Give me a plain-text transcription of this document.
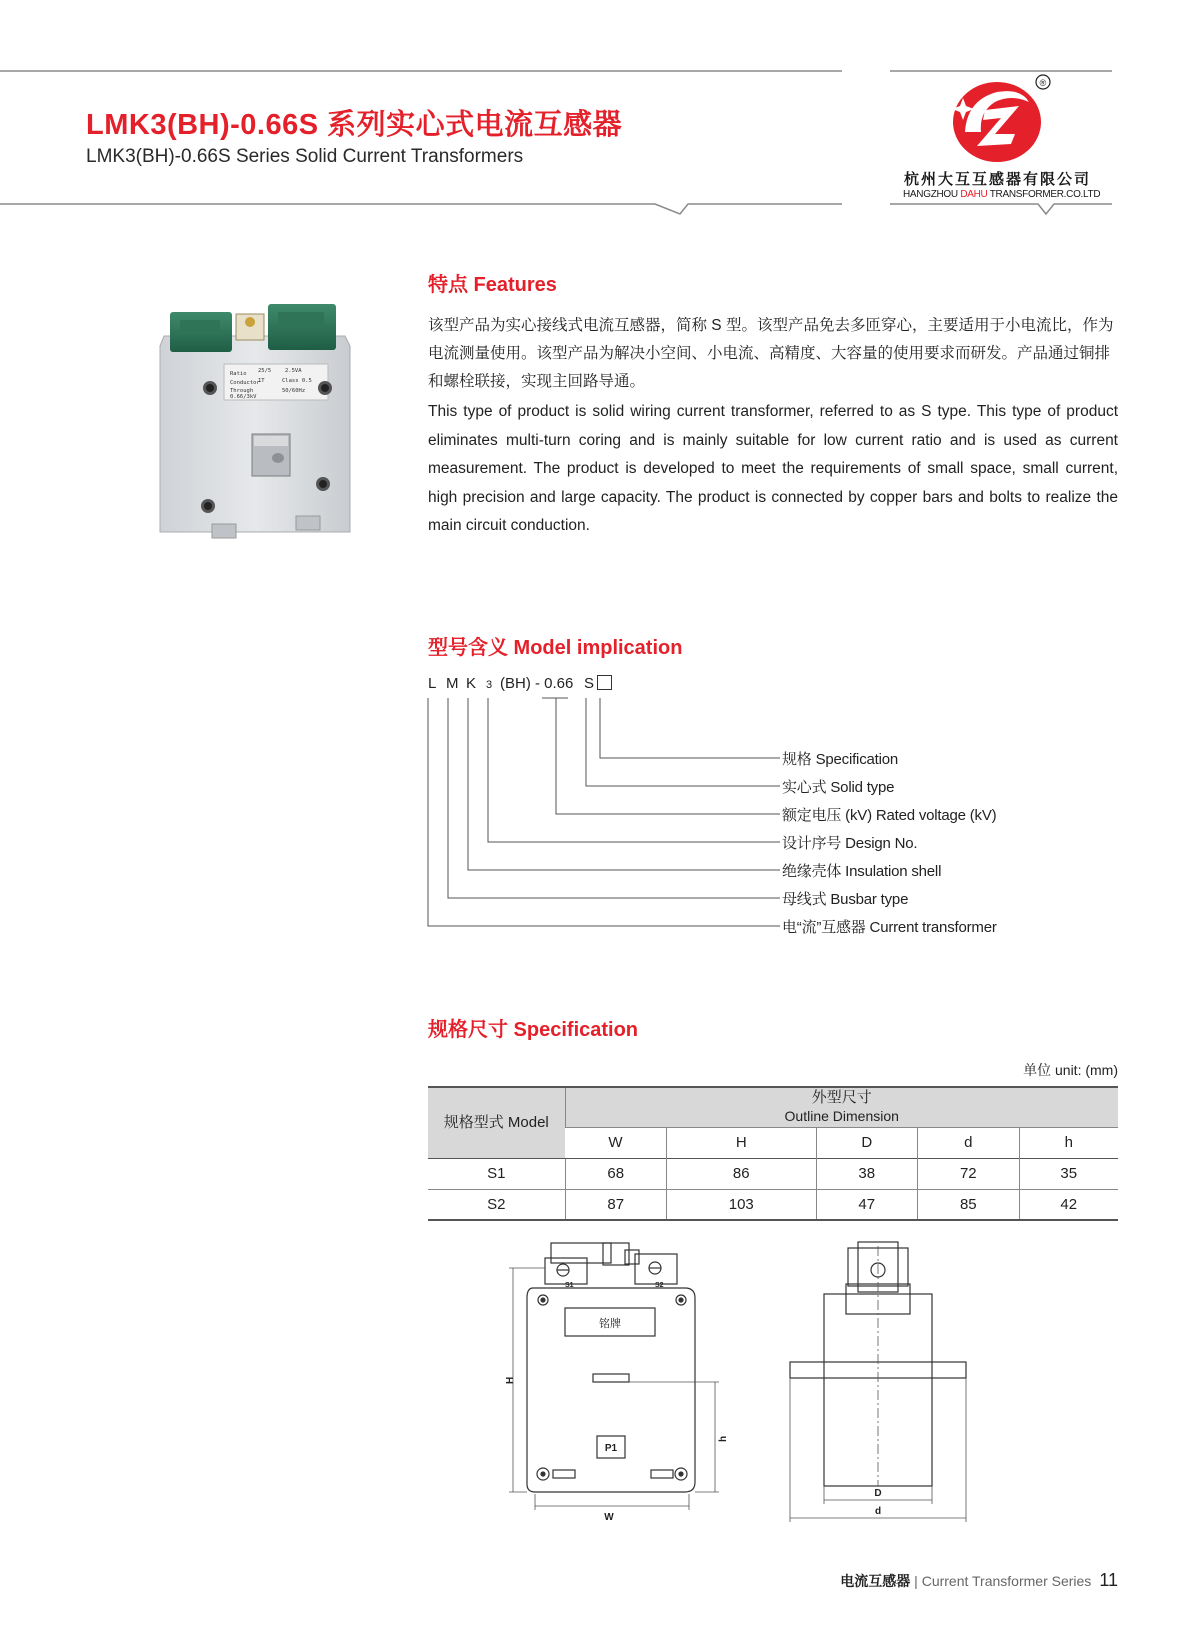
LMK3(BH)-0.66S 系列实心式电流互感器
LMK3(BH)-0.66S Series Solid Current Transformers
®
杭州大互互感器有限公司
HANGZHOU DAHU TRANSFORMER.CO.LTD
Ratio 25/5	2.5VA
Conductor
1T	Class 0.5
Through
0.66/3kV
50/60Hz
特点 Features
该型产品为实心接线式电流互感器，简称 S 型。该型产品免去多匝穿心，主要适用于小电流比，作为电流测量使用。该型产品为解决小空间、小电流、高精度、大容量的使用要求而研发。产品通过铜排和螺栓联接，实现主回路导通。
This type of product is solid wiring current transformer, referred to as S type. This type of product eliminates multi-turn coring and is mainly suitable for low current ratio and is used as current measurement. The product is developed to meet the requirements of small space, small current, high precision and large capacity. The product is connected by copper bars and bolts to realize the main circuit conduction.
型号含义 Model implication
L M K 3 (BH) - 0.66 S
规格 Specification
实心式 Solid type
额定电压 (kV) Rated voltage (kV)
设计序号 Design No.
绝缘壳体 Insulation shell
母线式 Busbar type
电“流”互感器 Current transformer
规格尺寸 Specification
单位 unit: (mm)
规格型式 Model	外型尺寸
Outline Dimension				

	W	H	D	d	h
S1	68	86	38	72	35
S2	87	103	47	85	42
S1	S2
铭牌
P1
H
h
W
D
d
电流互感器 | Current Transformer Series 11
